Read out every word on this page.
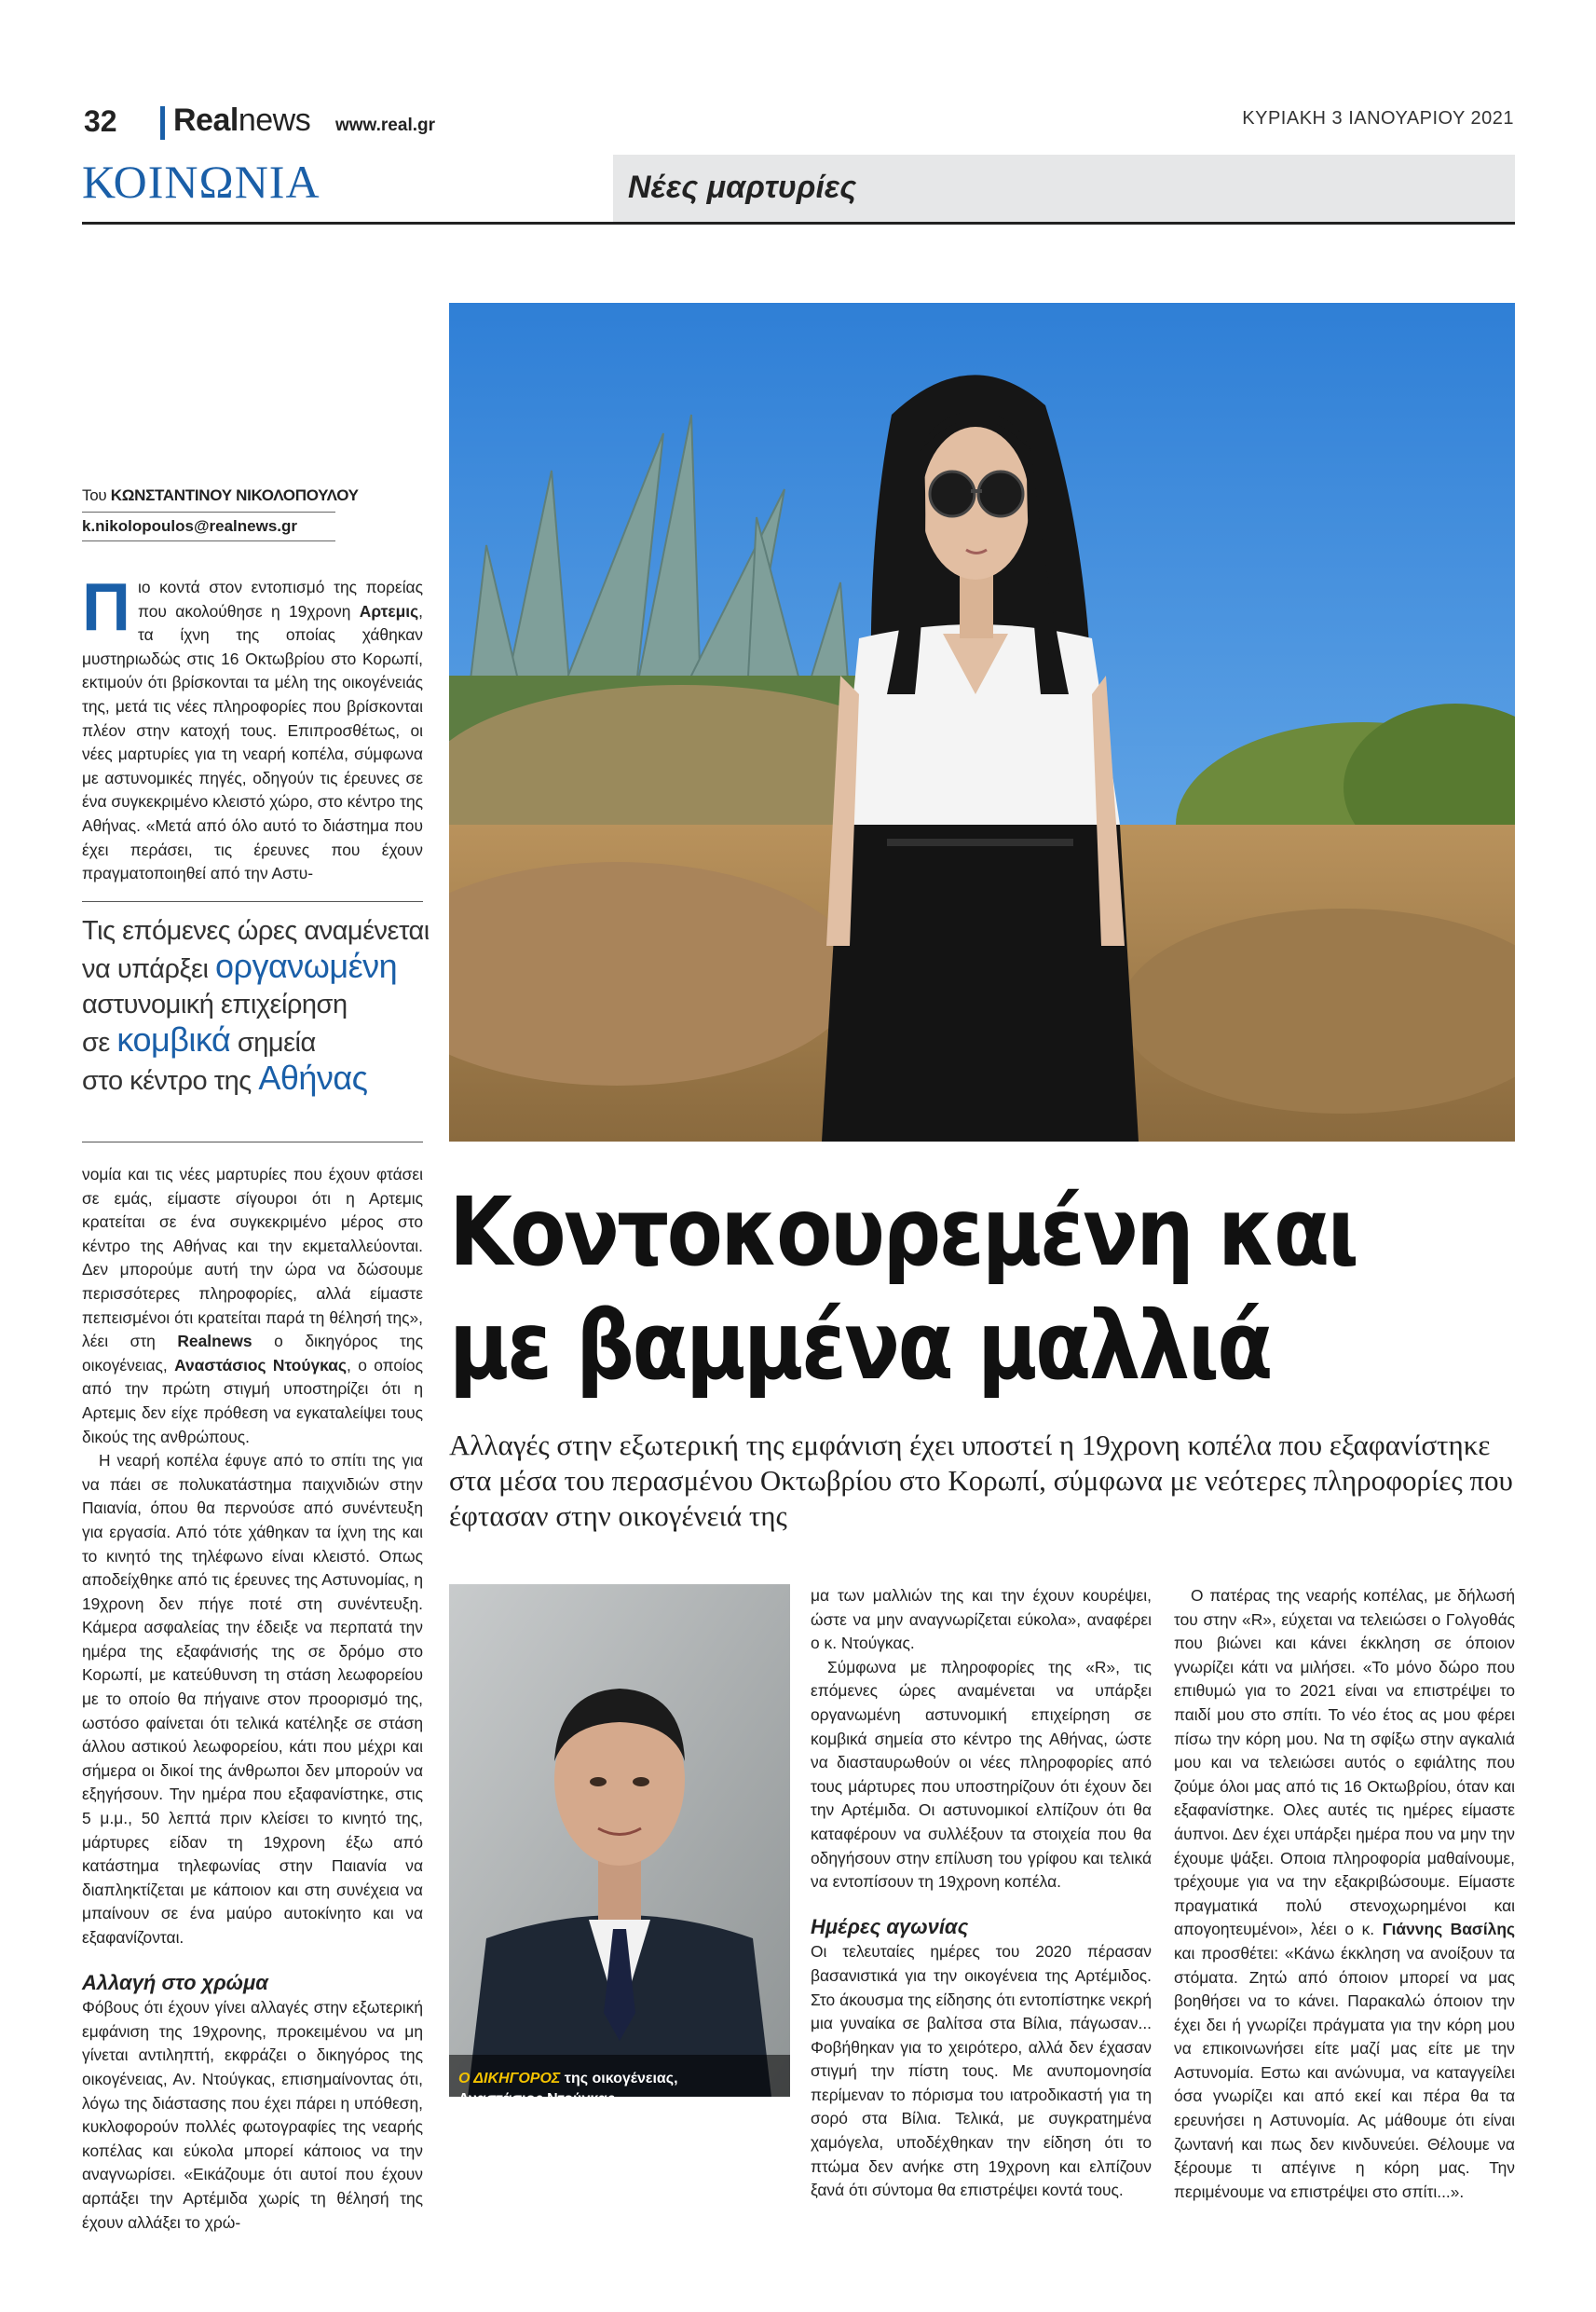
32 Realnews www.real.gr	ΚΥΡΙΑΚΗ 3 ΙΑΝΟΥΑΡΙΟΥ 2021
ΚΟΙΝΩΝΙΑ	Νέες μαρτυρίες
Του ΚΩΝΣΤΑΝΤΙΝΟΥ ΝΙΚΟΛΟΠΟΥΛΟΥ
k.nikolopoulos@realnews.gr

Πιο κοντά στον εντοπισμό της πορείας που ακολούθησε η 19χρονη Αρτεμις, τα ίχνη της οποίας χάθηκαν μυστηριωδώς στις 16 Οκτωβρίου στο Κορωπί, εκτιμούν ότι βρίσκονται τα μέλη της οικογένειάς της, μετά τις νέες πληροφορίες που βρίσκονται πλέον στην κατοχή τους. Επιπροσθέτως, οι νέες μαρτυρίες για τη νεαρή κοπέλα, σύμφωνα με αστυνομικές πηγές, οδηγούν τις έρευνες σε ένα συγκεκριμένο κλειστό χώρο, στο κέντρο της Αθήνας. «Μετά από όλο αυτό το διάστημα που έχει περάσει, τις έρευνες που έχουν πραγματοποιηθεί από την Αστυ-

Τις επόμενες ώρες αναμένεται
να υπάρξει οργανωμένη
αστυνομική επιχείρηση
σε κομβικά σημεία
στο κέντρο της Αθήνας

νομία και τις νέες μαρτυρίες που έχουν φτάσει σε εμάς, είμαστε σίγουροι ότι η Αρτεμις κρατείται σε ένα συγκεκριμένο μέρος στο κέντρο της Αθήνας και την εκμεταλλεύονται. Δεν μπορούμε αυτή την ώρα να δώσουμε περισσότερες πληροφορίες, αλλά είμαστε πεπεισμένοι ότι κρατείται παρά τη θέλησή της», λέει στη Realnews ο δικηγόρος της οικογένειας, Αναστάσιος Ντούγκας, ο οποίος από την πρώτη στιγμή υποστηρίζει ότι η Αρτεμις δεν είχε πρόθεση να εγκαταλείψει τους δικούς της ανθρώπους.

Η νεαρή κοπέλα έφυγε από το σπίτι της για να πάει σε πολυκατάστημα παιχνιδιών στην Παιανία, όπου θα περνούσε από συνέντευξη για εργασία. Από τότε χάθηκαν τα ίχνη της και το κινητό της τηλέφωνο είναι κλειστό. Οπως αποδείχθηκε από τις έρευνες της Αστυνομίας, η 19χρονη δεν πήγε ποτέ στη συνέντευξη. Κάμερα ασφαλείας την έδειξε να περπατά την ημέρα της εξαφάνισής της σε δρόμο στο Κορωπί, με κατεύθυνση τη στάση λεωφορείου με το οποίο θα πήγαινε στον προορισμό της, ωστόσο φαίνεται ότι τελικά κατέληξε σε στάση άλλου αστικού λεωφορείου, κάτι που μέχρι και σήμερα οι δικοί της άνθρωποι δεν μπορούν να εξηγήσουν. Την ημέρα που εξαφανίστηκε, στις 5 μ.μ., 50 λεπτά πριν κλείσει το κινητό της, μάρτυρες είδαν τη 19χρονη έξω από κατάστημα τηλεφωνίας στην Παιανία να διαπληκτίζεται με κάποιον και στη συνέχεια να μπαίνουν σε ένα μαύρο αυτοκίνητο και να εξαφανίζονται.

Αλλαγή στο χρώμα

Φόβους ότι έχουν γίνει αλλαγές στην εξωτερική εμφάνιση της 19χρονης, προκειμένου να μη γίνεται αντιληπτή, εκφράζει ο δικηγόρος της οικογένειας, Αν. Ντούγκας, επισημαίνοντας ότι, λόγω της διάστασης που έχει πάρει η υπόθεση, κυκλοφορούν πολλές φωτογραφίες της νεαρής κοπέλας και εύκολα μπορεί κάποιος να την αναγνωρίσει. «Εικάζουμε ότι αυτοί που έχουν αρπάξει την Αρτέμιδα χωρίς τη θέλησή της έχουν αλλάξει το χρώ-

Κοντοκουρεμένη και
με βαμμένα μαλλιά
Αλλαγές στην εξωτερική της εμφάνιση έχει υποστεί η 19χρονη κοπέλα που εξαφανίστηκε στα μέσα του περασμένου Οκτωβρίου στο Κορωπί, σύμφωνα με νεότερες πληροφορίες που έφτασαν στην οικογένειά της
Ο ΔΙΚΗΓΟΡΟΣ της οικογένειας,
Αναστάσιος Ντούγκας

μα των μαλλιών της και την έχουν κουρέψει, ώστε να μην αναγνωρίζεται εύκολα», αναφέρει ο κ. Ντούγκας.

Σύμφωνα με πληροφορίες της «R», τις επόμενες ώρες αναμένεται να υπάρξει οργανωμένη αστυνομική επιχείρηση σε κομβικά σημεία στο κέντρο της Αθήνας, ώστε να διασταυρωθούν οι νέες πληροφορίες από τους μάρτυρες που υποστηρίζουν ότι έχουν δει την Αρτέμιδα. Οι αστυνομικοί ελπίζουν ότι θα καταφέρουν να συλλέξουν τα στοιχεία που θα οδηγήσουν στην επίλυση του γρίφου και τελικά να εντοπίσουν τη 19χρονη κοπέλα.

Ημέρες αγωνίας

Οι τελευταίες ημέρες του 2020 πέρασαν βασανιστικά για την οικογένεια της Αρτέμιδος. Στο άκουσμα της είδησης ότι εντοπίστηκε νεκρή μια γυναίκα σε βαλίτσα στα Βίλια, πάγωσαν... Φοβήθηκαν για το χειρότερο, αλλά δεν έχασαν στιγμή την πίστη τους. Με ανυπομονησία περίμεναν το πόρισμα του ιατροδικαστή για τη σορό στα Βίλια. Τελικά, με συγκρατημένα χαμόγελα, υποδέχθηκαν την είδηση ότι το πτώμα δεν ανήκε στη 19χρονη και ελπίζουν ξανά ότι σύντομα θα επιστρέψει κοντά τους.

Ο πατέρας της νεαρής κοπέλας, με δήλωσή του στην «R», εύχεται να τελειώσει ο Γολγοθάς που βιώνει και κάνει έκκληση σε όποιον γνωρίζει κάτι να μιλήσει. «Το μόνο δώρο που επιθυμώ για το 2021 είναι να επιστρέψει το παιδί μου στο σπίτι. Το νέο έτος ας μου φέρει πίσω την κόρη μου. Να τη σφίξω στην αγκαλιά μου και να τελειώσει αυτός ο εφιάλτης που ζούμε όλοι μας από τις 16 Οκτωβρίου, όταν και εξαφανίστηκε. Ολες αυτές τις ημέρες είμαστε άυπνοι. Δεν έχει υπάρξει ημέρα που να μην την έχουμε ψάξει. Οποια πληροφορία μαθαίνουμε, τρέχουμε για να την εξακριβώσουμε. Είμαστε πραγματικά πολύ στενοχωρημένοι και απογοητευμένοι», λέει ο κ. Γιάννης Βασίλης και προσθέτει: «Κάνω έκκληση να ανοίξουν τα στόματα. Ζητώ από όποιον μπορεί να μας βοηθήσει να το κάνει. Παρακαλώ όποιον την έχει δει ή γνωρίζει πράγματα για την κόρη μου να επικοινωνήσει είτε μαζί μας είτε με την Αστυνομία. Εστω και ανώνυμα, να καταγγείλει όσα γνωρίζει και από εκεί και πέρα θα τα ερευνήσει η Αστυνομία. Ας μάθουμε ότι είναι ζωντανή και πως δεν κινδυνεύει. Θέλουμε να ξέρουμε τι απέγινε η κόρη μας. Την περιμένουμε να επιστρέψει στο σπίτι...».
